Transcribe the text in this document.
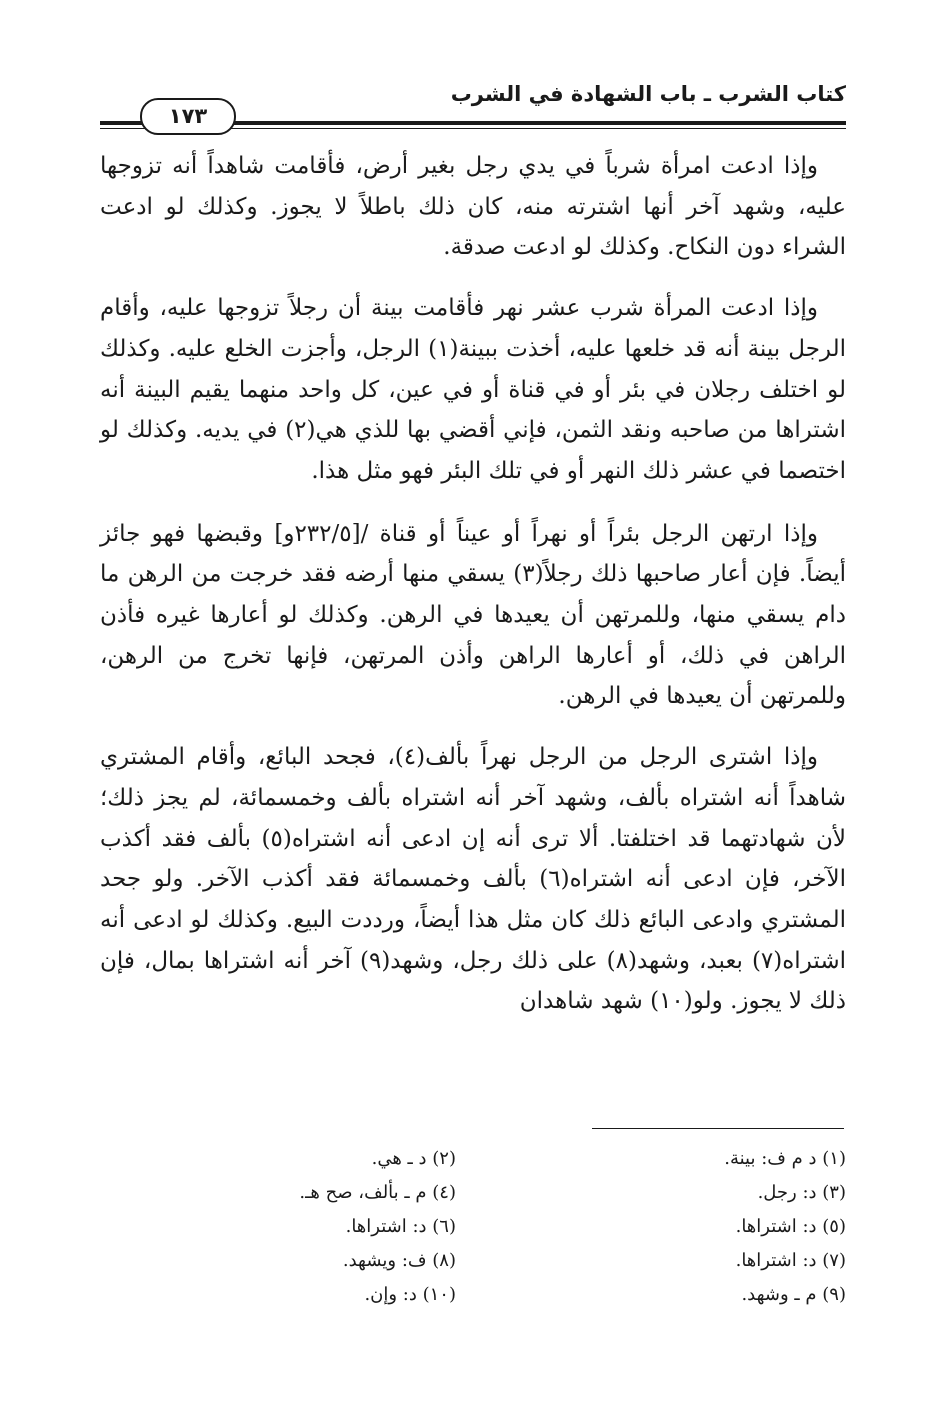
كتاب الشرب ـ باب الشهادة في الشرب
١٧٣

وإذا ادعت امرأة شرباً في يدي رجل بغير أرض، فأقامت شاهداً أنه تزوجها عليه، وشهد آخر أنها اشترته منه، كان ذلك باطلاً لا يجوز. وكذلك لو ادعت الشراء دون النكاح. وكذلك لو ادعت صدقة.

وإذا ادعت المرأة شرب عشر نهر فأقامت بينة أن رجلاً تزوجها عليه، وأقام الرجل بينة أنه قد خلعها عليه، أخذت ببينة(١) الرجل، وأجزت الخلع عليه. وكذلك لو اختلف رجلان في بئر أو في قناة أو في عين، كل واحد منهما يقيم البينة أنه اشتراها من صاحبه ونقد الثمن، فإني أقضي بها للذي هي(٢) في يديه. وكذلك لو اختصما في عشر ذلك النهر أو في تلك البئر فهو مثل هذا.

وإذا ارتهن الرجل بئراً أو نهراً أو عيناً أو قناة /[٢٣٢/٥و] وقبضها فهو جائز أيضاً. فإن أعار صاحبها ذلك رجلاً(٣) يسقي منها أرضه فقد خرجت من الرهن ما دام يسقي منها، وللمرتهن أن يعيدها في الرهن. وكذلك لو أعارها غيره فأذن الراهن في ذلك، أو أعارها الراهن وأذن المرتهن، فإنها تخرج من الرهن، وللمرتهن أن يعيدها في الرهن.

وإذا اشترى الرجل من الرجل نهراً بألف(٤)، فجحد البائع، وأقام المشتري شاهداً أنه اشتراه بألف، وشهد آخر أنه اشتراه بألف وخمسمائة، لم يجز ذلك؛ لأن شهادتهما قد اختلفتا. ألا ترى أنه إن ادعى أنه اشتراه(٥) بألف فقد أكذب الآخر، فإن ادعى أنه اشتراه(٦) بألف وخمسمائة فقد أكذب الآخر. ولو جحد المشتري وادعى البائع ذلك كان مثل هذا أيضاً، ورددت البيع. وكذلك لو ادعى أنه اشتراه(٧) بعبد، وشهد(٨) على ذلك رجل، وشهد(٩) آخر أنه اشتراها بمال، فإن ذلك لا يجوز. ولو(١٠) شهد شاهدان

(١) د م ف: بينة.
(٣) د: رجل.
(٥) د: اشتراها.
(٧) د: اشتراها.
(٩) م ـ وشهد.
(٢) د ـ هي.
(٤) م ـ بألف، صح هـ.
(٦) د: اشتراها.
(٨) ف: ويشهد.
(١٠) د: وإن.
